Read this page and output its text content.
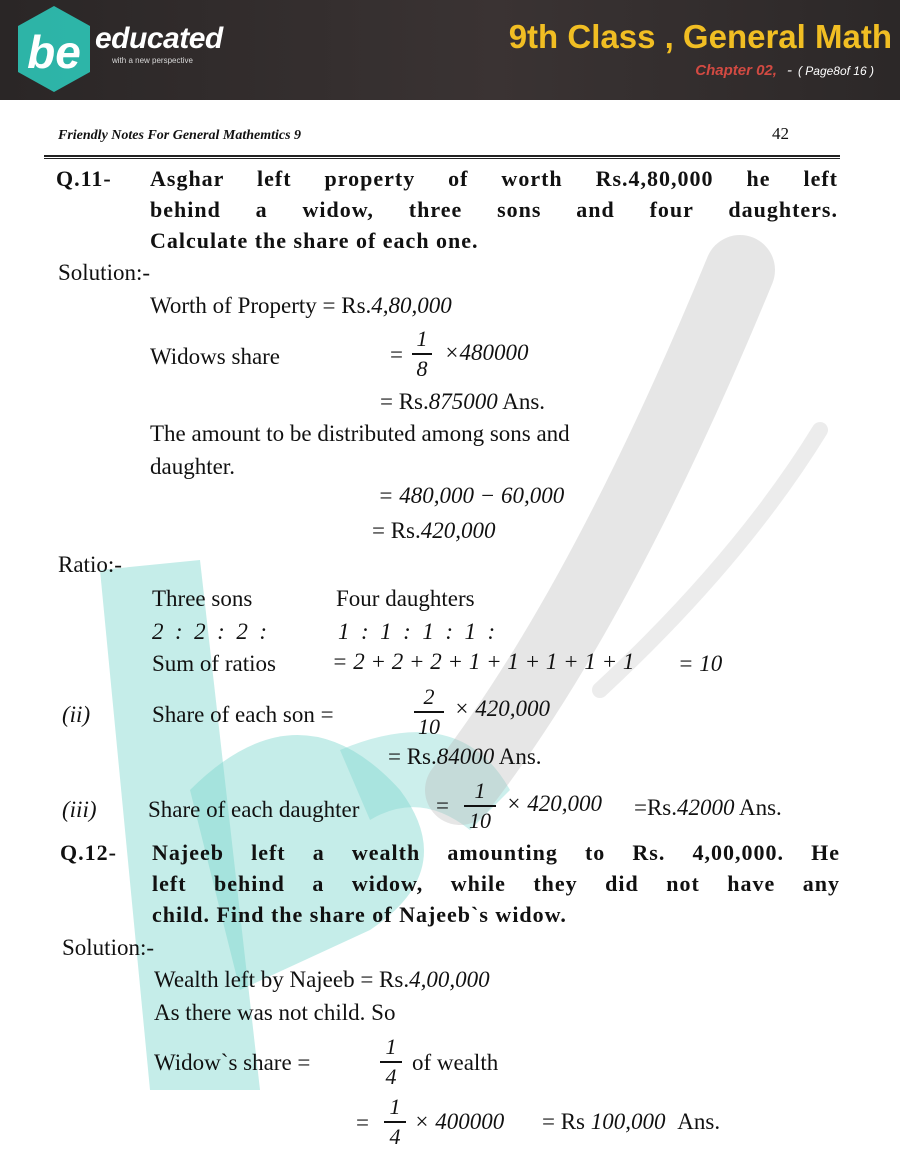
be educated
with a new perspective
9th Class , General Math
Chapter 02, - ( Page8of 16 )
Friendly Notes For General Mathemtics 9	42
Q.11- Asghar left property of worth Rs.4,80,000 he left
behind a widow, three sons and four daughters.
Calculate the share of each one.
Solution:-
Worth of Property = Rs.4,80,000
Widows share	=
1
8
×480000
= Rs.875000 Ans.
The amount to be distributed among sons and
daughter.
= 480,000 − 60,000
= Rs.420,000
Ratio:-
Three sons	Four daughters
2  :  2  :  2  :	1  :  1  :  1  :  1  :
Sum of ratios = 2 + 2 + 2 + 1 + 1 + 1 + 1 + 1 = 10
(ii)	Share of each son =
2
10
× 420,000
= Rs.84000 Ans.
(iii) Share of each daughter	=
1
10
× 420,000 =Rs.42000 Ans.
Q.12- Najeeb left a wealth amounting to Rs. 4,00,000. He
left behind a widow, while they did not have any
child. Find the share of Najeeb`s widow.
Solution:-
Wealth left by Najeeb = Rs.4,00,000
As there was not child. So
Widow`s share =
1
4
of wealth
=
1
4
× 400000 = Rs 100,000 Ans.
